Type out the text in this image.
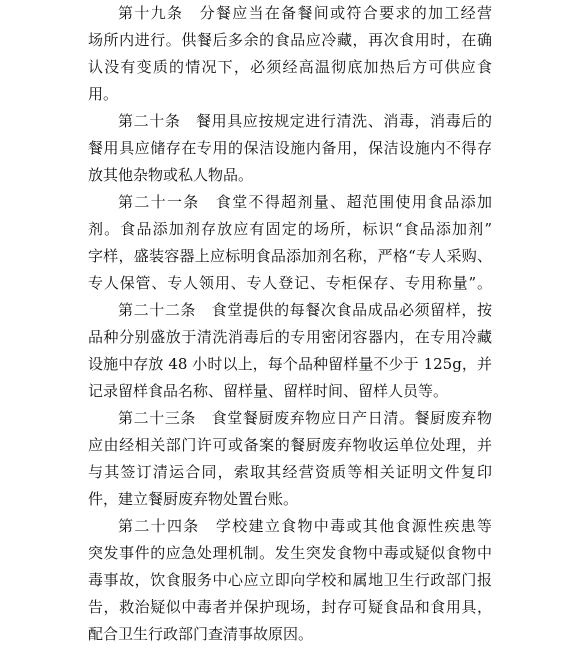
第十九条　分餐应当在备餐间或符合要求的加工经营
场所内进行。供餐后多余的食品应冷藏，再次食用时，在确
认没有变质的情况下，必须经高温彻底加热后方可供应食
用。
第二十条　餐用具应按规定进行清洗、消毒，消毒后的
餐用具应储存在专用的保洁设施内备用，保洁设施内不得存
放其他杂物或私人物品。
第二十一条　食堂不得超剂量、超范围使用食品添加
剂。食品添加剂存放应有固定的场所，标识“食品添加剂”
字样，盛装容器上应标明食品添加剂名称，严格“专人采购、
专人保管、专人领用、专人登记、专柜保存、专用称量”。
第二十二条　食堂提供的每餐次食品成品必须留样，按
品种分别盛放于清洗消毒后的专用密闭容器内，在专用冷藏
设施中存放 48 小时以上，每个品种留样量不少于 125g，并
记录留样食品名称、留样量、留样时间、留样人员等。
第二十三条　食堂餐厨废弃物应日产日清。餐厨废弃物
应由经相关部门许可或备案的餐厨废弃物收运单位处理，并
与其签订清运合同，索取其经营资质等相关证明文件复印
件，建立餐厨废弃物处置台账。
第二十四条　学校建立食物中毒或其他食源性疾患等
突发事件的应急处理机制。发生突发食物中毒或疑似食物中
毒事故，饮食服务中心应立即向学校和属地卫生行政部门报
告，救治疑似中毒者并保护现场，封存可疑食品和食用具，
配合卫生行政部门查清事故原因。
